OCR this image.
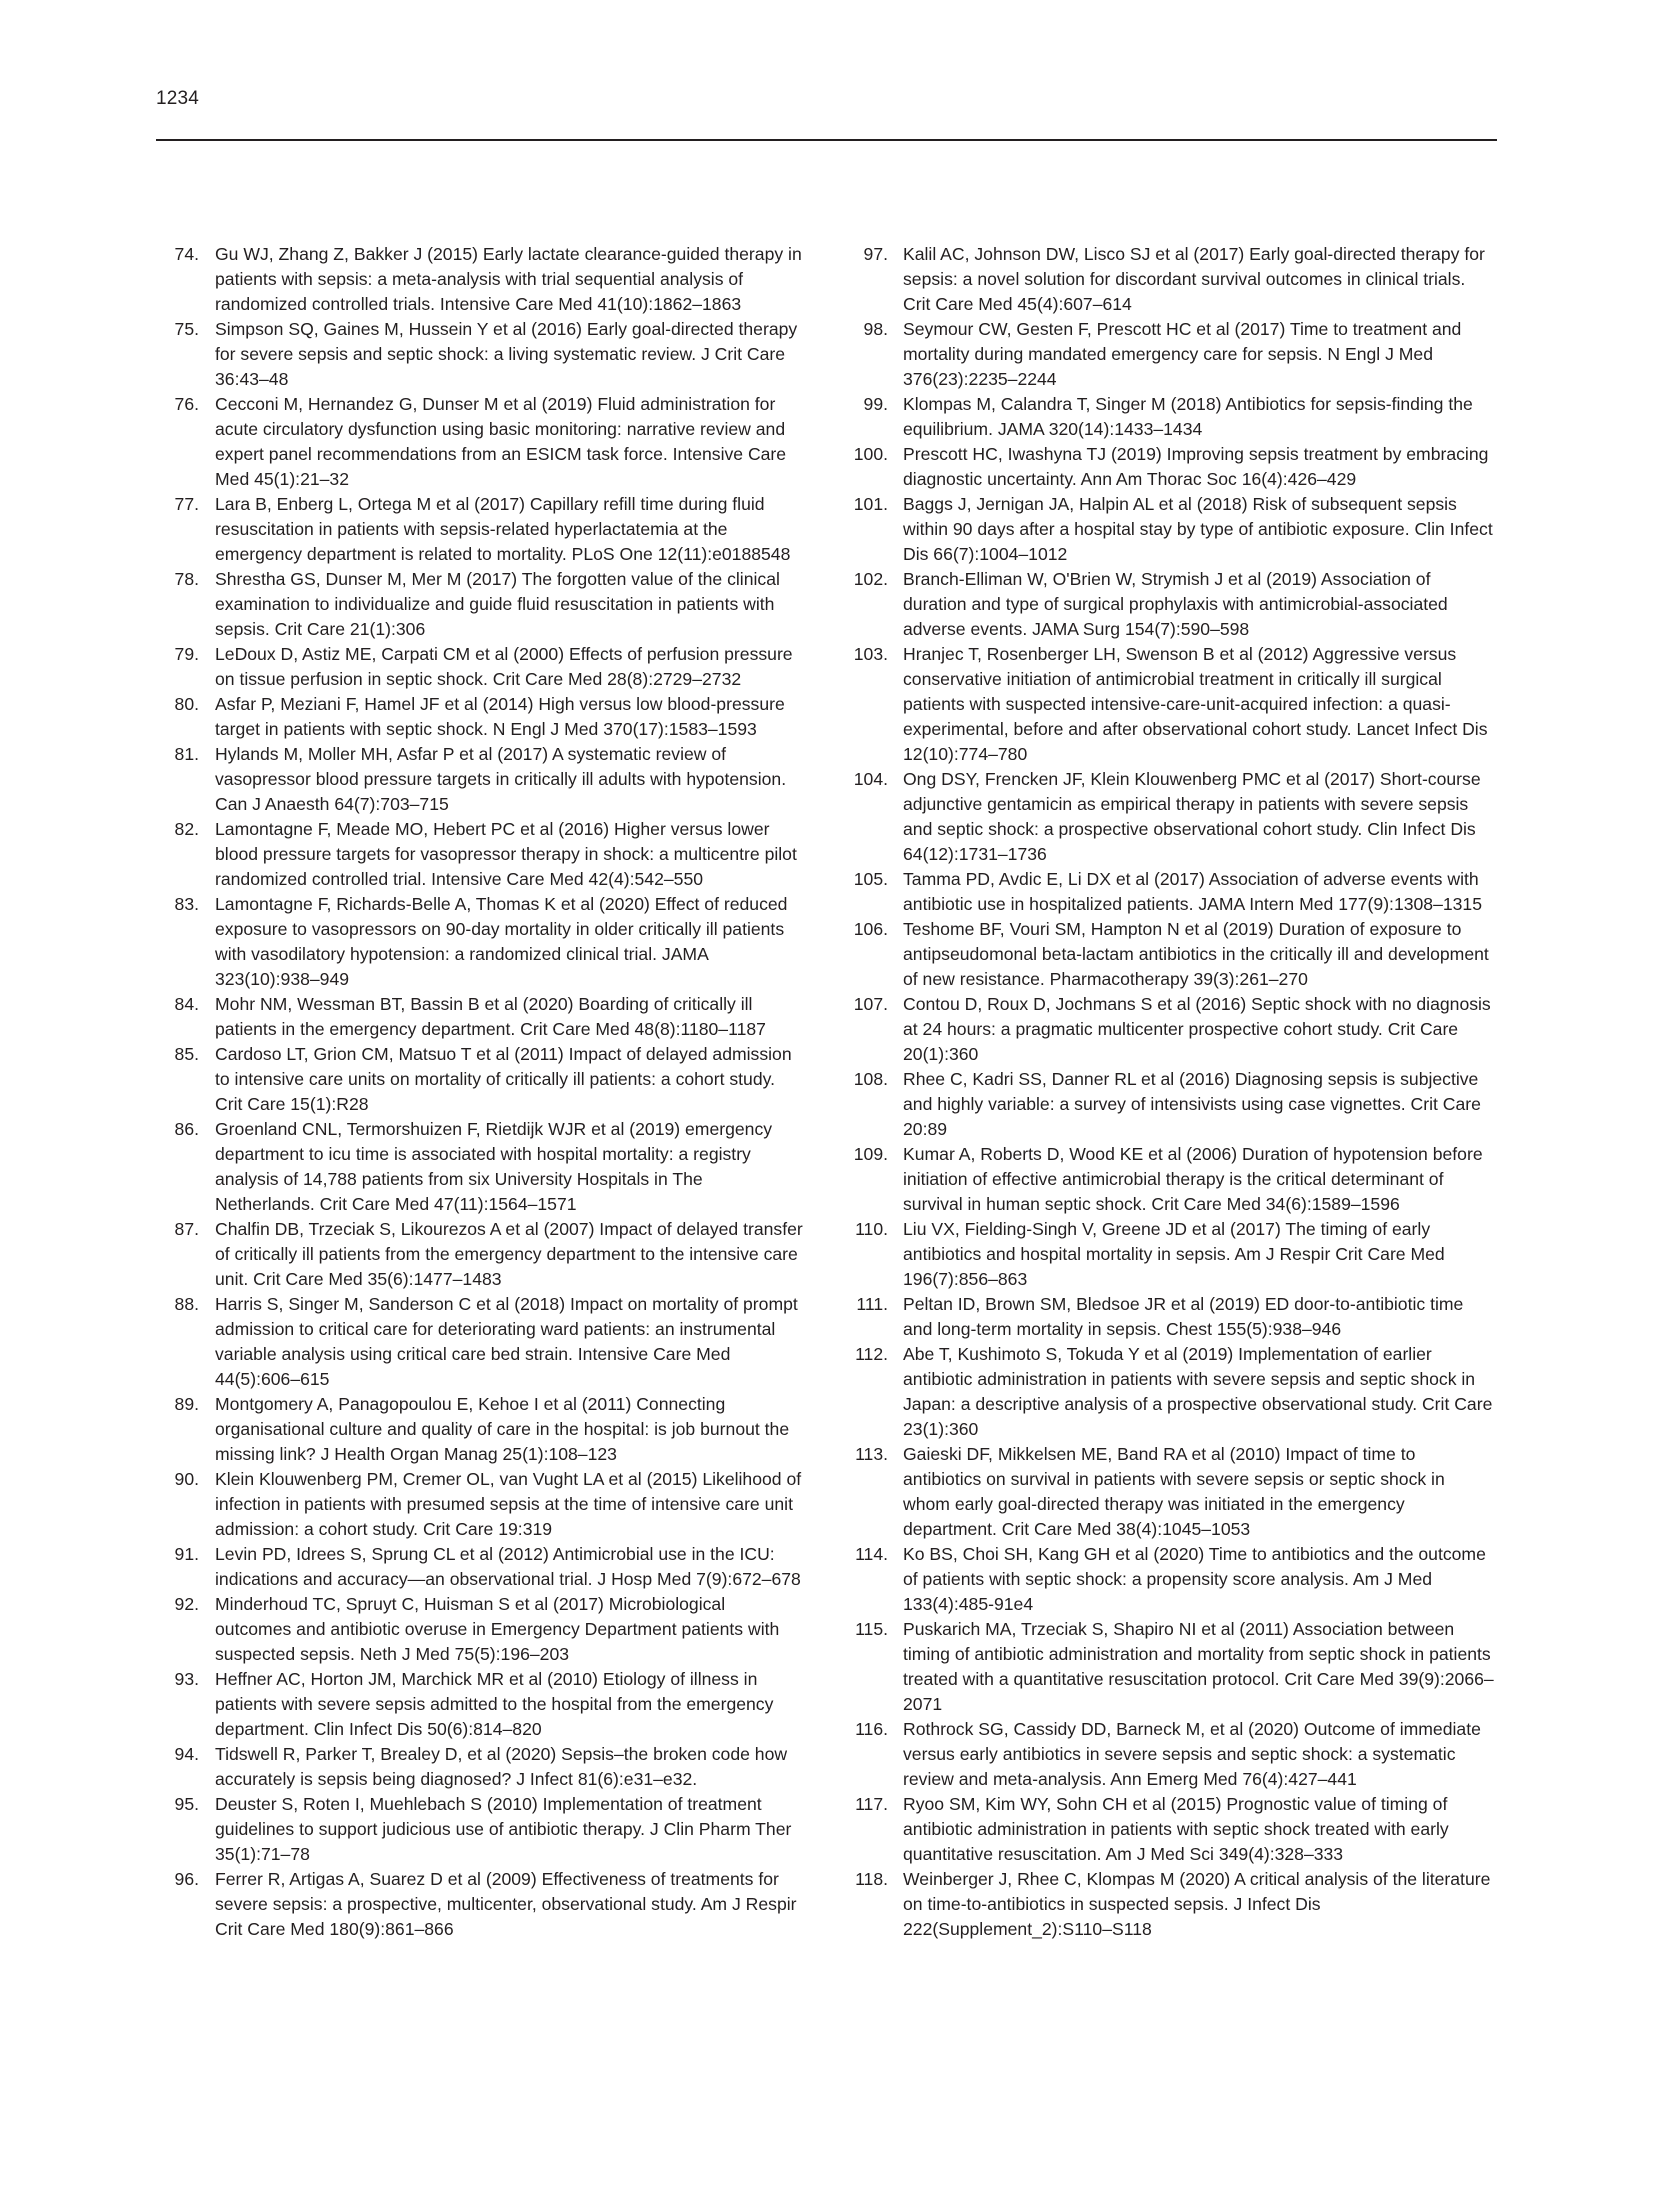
1234
74. Gu WJ, Zhang Z, Bakker J (2015) Early lactate clearance-guided therapy in patients with sepsis: a meta-analysis with trial sequential analysis of randomized controlled trials. Intensive Care Med 41(10):1862–1863
75. Simpson SQ, Gaines M, Hussein Y et al (2016) Early goal-directed therapy for severe sepsis and septic shock: a living systematic review. J Crit Care 36:43–48
76. Cecconi M, Hernandez G, Dunser M et al (2019) Fluid administration for acute circulatory dysfunction using basic monitoring: narrative review and expert panel recommendations from an ESICM task force. Intensive Care Med 45(1):21–32
77. Lara B, Enberg L, Ortega M et al (2017) Capillary refill time during fluid resuscitation in patients with sepsis-related hyperlactatemia at the emergency department is related to mortality. PLoS One 12(11):e0188548
78. Shrestha GS, Dunser M, Mer M (2017) The forgotten value of the clinical examination to individualize and guide fluid resuscitation in patients with sepsis. Crit Care 21(1):306
79. LeDoux D, Astiz ME, Carpati CM et al (2000) Effects of perfusion pressure on tissue perfusion in septic shock. Crit Care Med 28(8):2729–2732
80. Asfar P, Meziani F, Hamel JF et al (2014) High versus low blood-pressure target in patients with septic shock. N Engl J Med 370(17):1583–1593
81. Hylands M, Moller MH, Asfar P et al (2017) A systematic review of vasopressor blood pressure targets in critically ill adults with hypotension. Can J Anaesth 64(7):703–715
82. Lamontagne F, Meade MO, Hebert PC et al (2016) Higher versus lower blood pressure targets for vasopressor therapy in shock: a multicentre pilot randomized controlled trial. Intensive Care Med 42(4):542–550
83. Lamontagne F, Richards-Belle A, Thomas K et al (2020) Effect of reduced exposure to vasopressors on 90-day mortality in older critically ill patients with vasodilatory hypotension: a randomized clinical trial. JAMA 323(10):938–949
84. Mohr NM, Wessman BT, Bassin B et al (2020) Boarding of critically ill patients in the emergency department. Crit Care Med 48(8):1180–1187
85. Cardoso LT, Grion CM, Matsuo T et al (2011) Impact of delayed admission to intensive care units on mortality of critically ill patients: a cohort study. Crit Care 15(1):R28
86. Groenland CNL, Termorshuizen F, Rietdijk WJR et al (2019) emergency department to icu time is associated with hospital mortality: a registry analysis of 14,788 patients from six University Hospitals in The Netherlands. Crit Care Med 47(11):1564–1571
87. Chalfin DB, Trzeciak S, Likourezos A et al (2007) Impact of delayed transfer of critically ill patients from the emergency department to the intensive care unit. Crit Care Med 35(6):1477–1483
88. Harris S, Singer M, Sanderson C et al (2018) Impact on mortality of prompt admission to critical care for deteriorating ward patients: an instrumental variable analysis using critical care bed strain. Intensive Care Med 44(5):606–615
89. Montgomery A, Panagopoulou E, Kehoe I et al (2011) Connecting organisational culture and quality of care in the hospital: is job burnout the missing link? J Health Organ Manag 25(1):108–123
90. Klein Klouwenberg PM, Cremer OL, van Vught LA et al (2015) Likelihood of infection in patients with presumed sepsis at the time of intensive care unit admission: a cohort study. Crit Care 19:319
91. Levin PD, Idrees S, Sprung CL et al (2012) Antimicrobial use in the ICU: indications and accuracy—an observational trial. J Hosp Med 7(9):672–678
92. Minderhoud TC, Spruyt C, Huisman S et al (2017) Microbiological outcomes and antibiotic overuse in Emergency Department patients with suspected sepsis. Neth J Med 75(5):196–203
93. Heffner AC, Horton JM, Marchick MR et al (2010) Etiology of illness in patients with severe sepsis admitted to the hospital from the emergency department. Clin Infect Dis 50(6):814–820
94. Tidswell R, Parker T, Brealey D, et al (2020) Sepsis–the broken code how accurately is sepsis being diagnosed? J Infect 81(6):e31–e32.
95. Deuster S, Roten I, Muehlebach S (2010) Implementation of treatment guidelines to support judicious use of antibiotic therapy. J Clin Pharm Ther 35(1):71–78
96. Ferrer R, Artigas A, Suarez D et al (2009) Effectiveness of treatments for severe sepsis: a prospective, multicenter, observational study. Am J Respir Crit Care Med 180(9):861–866
97. Kalil AC, Johnson DW, Lisco SJ et al (2017) Early goal-directed therapy for sepsis: a novel solution for discordant survival outcomes in clinical trials. Crit Care Med 45(4):607–614
98. Seymour CW, Gesten F, Prescott HC et al (2017) Time to treatment and mortality during mandated emergency care for sepsis. N Engl J Med 376(23):2235–2244
99. Klompas M, Calandra T, Singer M (2018) Antibiotics for sepsis-finding the equilibrium. JAMA 320(14):1433–1434
100. Prescott HC, Iwashyna TJ (2019) Improving sepsis treatment by embracing diagnostic uncertainty. Ann Am Thorac Soc 16(4):426–429
101. Baggs J, Jernigan JA, Halpin AL et al (2018) Risk of subsequent sepsis within 90 days after a hospital stay by type of antibiotic exposure. Clin Infect Dis 66(7):1004–1012
102. Branch-Elliman W, O'Brien W, Strymish J et al (2019) Association of duration and type of surgical prophylaxis with antimicrobial-associated adverse events. JAMA Surg 154(7):590–598
103. Hranjec T, Rosenberger LH, Swenson B et al (2012) Aggressive versus conservative initiation of antimicrobial treatment in critically ill surgical patients with suspected intensive-care-unit-acquired infection: a quasi-experimental, before and after observational cohort study. Lancet Infect Dis 12(10):774–780
104. Ong DSY, Frencken JF, Klein Klouwenberg PMC et al (2017) Short-course adjunctive gentamicin as empirical therapy in patients with severe sepsis and septic shock: a prospective observational cohort study. Clin Infect Dis 64(12):1731–1736
105. Tamma PD, Avdic E, Li DX et al (2017) Association of adverse events with antibiotic use in hospitalized patients. JAMA Intern Med 177(9):1308–1315
106. Teshome BF, Vouri SM, Hampton N et al (2019) Duration of exposure to antipseudomonal beta-lactam antibiotics in the critically ill and development of new resistance. Pharmacotherapy 39(3):261–270
107. Contou D, Roux D, Jochmans S et al (2016) Septic shock with no diagnosis at 24 hours: a pragmatic multicenter prospective cohort study. Crit Care 20(1):360
108. Rhee C, Kadri SS, Danner RL et al (2016) Diagnosing sepsis is subjective and highly variable: a survey of intensivists using case vignettes. Crit Care 20:89
109. Kumar A, Roberts D, Wood KE et al (2006) Duration of hypotension before initiation of effective antimicrobial therapy is the critical determinant of survival in human septic shock. Crit Care Med 34(6):1589–1596
110. Liu VX, Fielding-Singh V, Greene JD et al (2017) The timing of early antibiotics and hospital mortality in sepsis. Am J Respir Crit Care Med 196(7):856–863
111. Peltan ID, Brown SM, Bledsoe JR et al (2019) ED door-to-antibiotic time and long-term mortality in sepsis. Chest 155(5):938–946
112. Abe T, Kushimoto S, Tokuda Y et al (2019) Implementation of earlier antibiotic administration in patients with severe sepsis and septic shock in Japan: a descriptive analysis of a prospective observational study. Crit Care 23(1):360
113. Gaieski DF, Mikkelsen ME, Band RA et al (2010) Impact of time to antibiotics on survival in patients with severe sepsis or septic shock in whom early goal-directed therapy was initiated in the emergency department. Crit Care Med 38(4):1045–1053
114. Ko BS, Choi SH, Kang GH et al (2020) Time to antibiotics and the outcome of patients with septic shock: a propensity score analysis. Am J Med 133(4):485-91e4
115. Puskarich MA, Trzeciak S, Shapiro NI et al (2011) Association between timing of antibiotic administration and mortality from septic shock in patients treated with a quantitative resuscitation protocol. Crit Care Med 39(9):2066–2071
116. Rothrock SG, Cassidy DD, Barneck M, et al (2020) Outcome of immediate versus early antibiotics in severe sepsis and septic shock: a systematic review and meta-analysis. Ann Emerg Med 76(4):427–441
117. Ryoo SM, Kim WY, Sohn CH et al (2015) Prognostic value of timing of antibiotic administration in patients with septic shock treated with early quantitative resuscitation. Am J Med Sci 349(4):328–333
118. Weinberger J, Rhee C, Klompas M (2020) A critical analysis of the literature on time-to-antibiotics in suspected sepsis. J Infect Dis 222(Supplement_2):S110–S118
